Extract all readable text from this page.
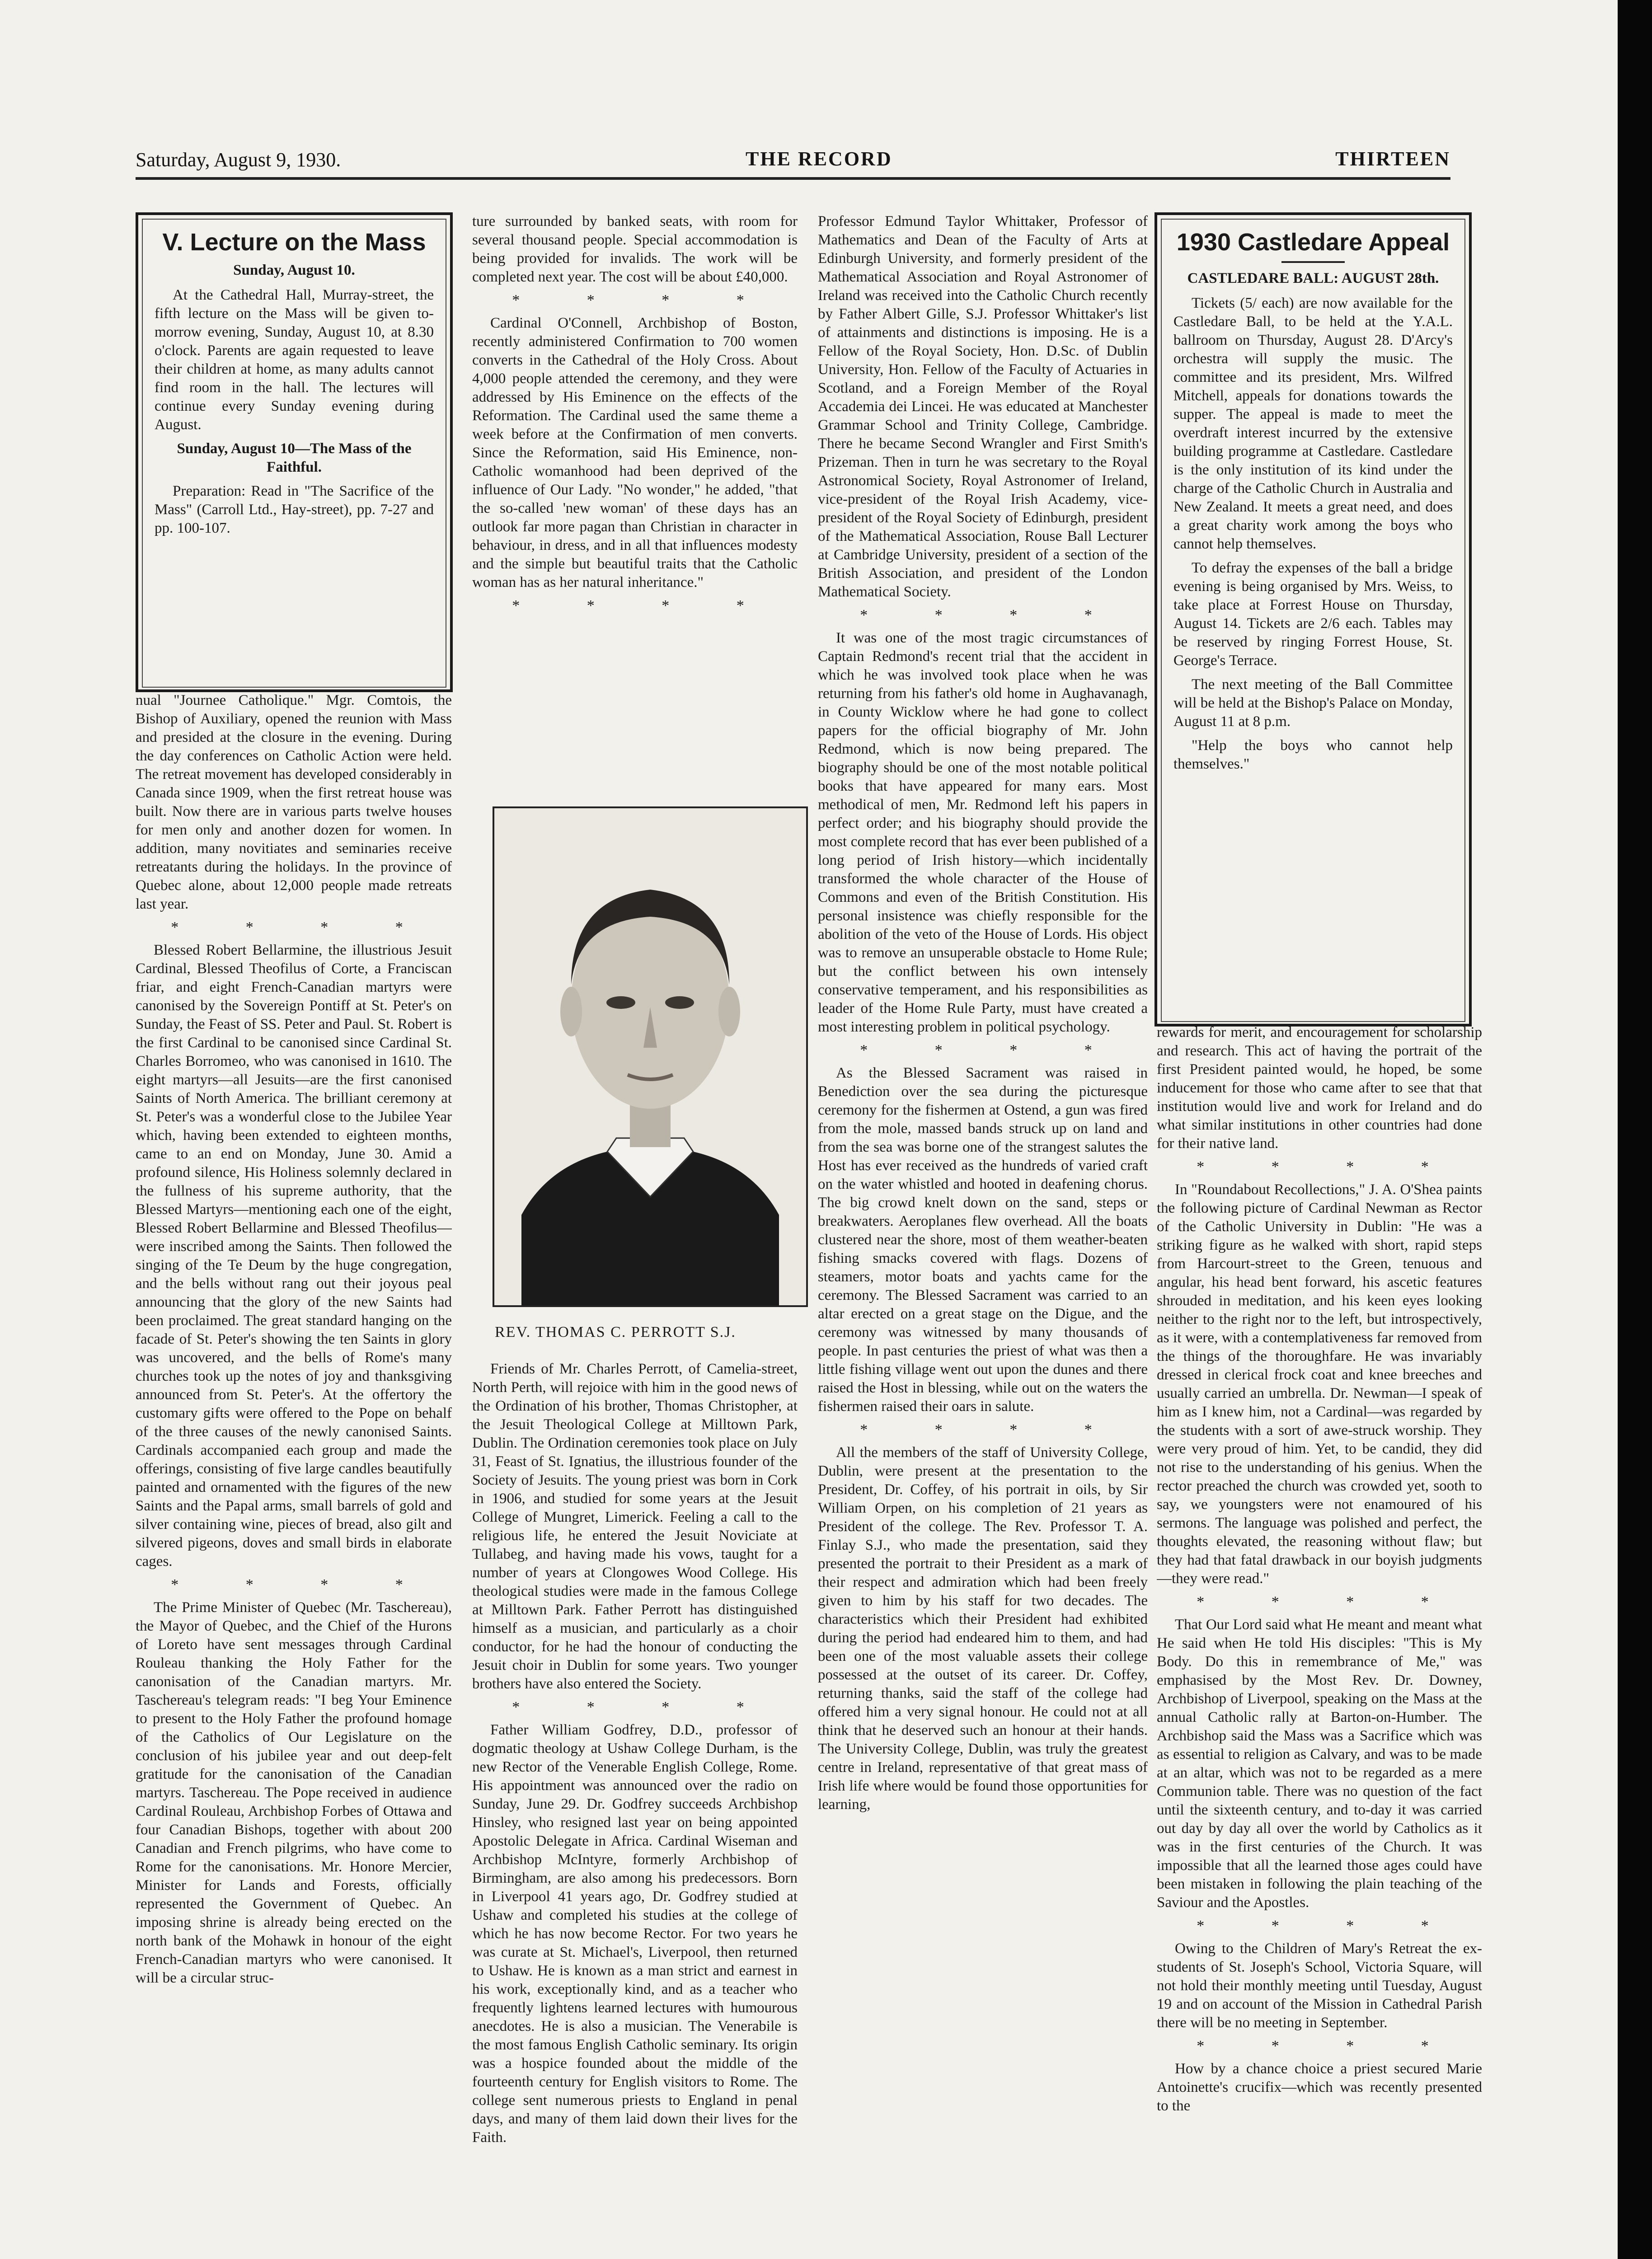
Saturday, August 9, 1930.	THE RECORD	THIRTEEN
V. Lecture on the Mass
Sunday, August 10.

At the Cathedral Hall, Murray-street, the fifth lecture on the Mass will be given to-morrow evening, Sunday, August 10, at 8.30 o'clock. Parents are again requested to leave their children at home, as many adults cannot find room in the hall. The lectures will continue every Sunday evening during August.

Sunday, August 10—The Mass of the Faithful.

Preparation: Read in "The Sacrifice of the Mass" (Carroll Ltd., Hay-street), pp. 7-27 and pp. 100-107.

nual "Journee Catholique." Mgr. Comtois, the Bishop of Auxiliary, opened the reunion with Mass and presided at the closure in the evening. During the day conferences on Catholic Action were held. The retreat movement has developed considerably in Canada since 1909, when the first retreat house was built. Now there are in various parts twelve houses for men only and another dozen for women. In addition, many novitiates and seminaries receive retreatants during the holidays. In the province of Quebec alone, about 12,000 people made retreats last year.

* * * *

Blessed Robert Bellarmine, the illustrious Jesuit Cardinal, Blessed Theofilus of Corte, a Franciscan friar, and eight French-Canadian martyrs were canonised by the Sovereign Pontiff at St. Peter's on Sunday, the Feast of SS. Peter and Paul. St. Robert is the first Cardinal to be canonised since Cardinal St. Charles Borromeo, who was canonised in 1610. The eight martyrs—all Jesuits—are the first canonised Saints of North America. The brilliant ceremony at St. Peter's was a wonderful close to the Jubilee Year which, having been extended to eighteen months, came to an end on Monday, June 30. Amid a profound silence, His Holiness solemnly declared in the fullness of his supreme authority, that the Blessed Martyrs—mentioning each one of the eight, Blessed Robert Bellarmine and Blessed Theofilus—were inscribed among the Saints. Then followed the singing of the Te Deum by the huge congregation, and the bells without rang out their joyous peal announcing that the glory of the new Saints had been proclaimed. The great standard hanging on the facade of St. Peter's showing the ten Saints in glory was uncovered, and the bells of Rome's many churches took up the notes of joy and thanksgiving announced from St. Peter's. At the offertory the customary gifts were offered to the Pope on behalf of the three causes of the newly canonised Saints. Cardinals accompanied each group and made the offerings, consisting of five large candles beautifully painted and ornamented with the figures of the new Saints and the Papal arms, small barrels of gold and silver containing wine, pieces of bread, also gilt and silvered pigeons, doves and small birds in elaborate cages.

* * * *

The Prime Minister of Quebec (Mr. Taschereau), the Mayor of Quebec, and the Chief of the Hurons of Loreto have sent messages through Cardinal Rouleau thanking the Holy Father for the canonisation of the Canadian martyrs. Mr. Taschereau's telegram reads: "I beg Your Eminence to present to the Holy Father the profound homage of the Catholics of Our Legislature on the conclusion of his jubilee year and out deep-felt gratitude for the canonisation of the Canadian martyrs. Taschereau. The Pope received in audience Cardinal Rouleau, Archbishop Forbes of Ottawa and four Canadian Bishops, together with about 200 Canadian and French pilgrims, who have come to Rome for the canonisations. Mr. Honore Mercier, Minister for Lands and Forests, officially represented the Government of Quebec. An imposing shrine is already being erected on the north bank of the Mohawk in honour of the eight French-Canadian martyrs who were canonised. It will be a circular struc-

ture surrounded by banked seats, with room for several thousand people. Special accommodation is being provided for invalids. The work will be completed next year. The cost will be about £40,000.

* * * *

Cardinal O'Connell, Archbishop of Boston, recently administered Confirmation to 700 women converts in the Cathedral of the Holy Cross. About 4,000 people attended the ceremony, and they were addressed by His Eminence on the effects of the Reformation. The Cardinal used the same theme a week before at the Confirmation of men converts. Since the Reformation, said His Eminence, non-Catholic womanhood had been deprived of the influence of Our Lady. "No wonder," he added, "that the so-called 'new woman' of these days has an outlook far more pagan than Christian in character in behaviour, in dress, and in all that influences modesty and the simple but beautiful traits that the Catholic woman has as her natural inheritance."

* * * *
REV. THOMAS C. PERROTT S.J.

Friends of Mr. Charles Perrott, of Camelia-street, North Perth, will rejoice with him in the good news of the Ordination of his brother, Thomas Christopher, at the Jesuit Theological College at Milltown Park, Dublin. The Ordination ceremonies took place on July 31, Feast of St. Ignatius, the illustrious founder of the Society of Jesuits. The young priest was born in Cork in 1906, and studied for some years at the Jesuit College of Mungret, Limerick. Feeling a call to the religious life, he entered the Jesuit Noviciate at Tullabeg, and having made his vows, taught for a number of years at Clongowes Wood College. His theological studies were made in the famous College at Milltown Park. Father Perrott has distinguished himself as a musician, and particularly as a choir conductor, for he had the honour of conducting the Jesuit choir in Dublin for some years. Two younger brothers have also entered the Society.

* * * *

Father William Godfrey, D.D., professor of dogmatic theology at Ushaw College Durham, is the new Rector of the Venerable English College, Rome. His appointment was announced over the radio on Sunday, June 29. Dr. Godfrey succeeds Archbishop Hinsley, who resigned last year on being appointed Apostolic Delegate in Africa. Cardinal Wiseman and Archbishop McIntyre, formerly Archbishop of Birmingham, are also among his predecessors. Born in Liverpool 41 years ago, Dr. Godfrey studied at Ushaw and completed his studies at the college of which he has now become Rector. For two years he was curate at St. Michael's, Liverpool, then returned to Ushaw. He is known as a man strict and earnest in his work, exceptionally kind, and as a teacher who frequently lightens learned lectures with humourous anecdotes. He is also a musician. The Venerabile is the most famous English Catholic seminary. Its origin was a hospice founded about the middle of the fourteenth century for English visitors to Rome. The college sent numerous priests to England in penal days, and many of them laid down their lives for the Faith.

Professor Edmund Taylor Whittaker, Professor of Mathematics and Dean of the Faculty of Arts at Edinburgh University, and formerly president of the Mathematical Association and Royal Astronomer of Ireland was received into the Catholic Church recently by Father Albert Gille, S.J. Professor Whittaker's list of attainments and distinctions is imposing. He is a Fellow of the Royal Society, Hon. D.Sc. of Dublin University, Hon. Fellow of the Faculty of Actuaries in Scotland, and a Foreign Member of the Royal Accademia dei Lincei. He was educated at Manchester Grammar School and Trinity College, Cambridge. There he became Second Wrangler and First Smith's Prizeman. Then in turn he was secretary to the Royal Astronomical Society, Royal Astronomer of Ireland, vice-president of the Royal Irish Academy, vice-president of the Royal Society of Edinburgh, president of the Mathematical Association, Rouse Ball Lecturer at Cambridge University, president of a section of the British Association, and president of the London Mathematical Society.

* * * *

It was one of the most tragic circumstances of Captain Redmond's recent trial that the accident in which he was involved took place when he was returning from his father's old home in Aughavanagh, in County Wicklow where he had gone to collect papers for the official biography of Mr. John Redmond, which is now being prepared. The biography should be one of the most notable political books that have appeared for many ears. Most methodical of men, Mr. Redmond left his papers in perfect order; and his biography should provide the most complete record that has ever been published of a long period of Irish history—which incidentally transformed the whole character of the House of Commons and even of the British Constitution. His personal insistence was chiefly responsible for the abolition of the veto of the House of Lords. His object was to remove an unsuperable obstacle to Home Rule; but the conflict between his own intensely conservative temperament, and his responsibilities as leader of the Home Rule Party, must have created a most interesting problem in political psychology.

* * * *

As the Blessed Sacrament was raised in Benediction over the sea during the picturesque ceremony for the fishermen at Ostend, a gun was fired from the mole, massed bands struck up on land and from the sea was borne one of the strangest salutes the Host has ever received as the hundreds of varied craft on the water whistled and hooted in deafening chorus. The big crowd knelt down on the sand, steps or breakwaters. Aeroplanes flew overhead. All the boats clustered near the shore, most of them weather-beaten fishing smacks covered with flags. Dozens of steamers, motor boats and yachts came for the ceremony. The Blessed Sacrament was carried to an altar erected on a great stage on the Digue, and the ceremony was witnessed by many thousands of people. In past centuries the priest of what was then a little fishing village went out upon the dunes and there raised the Host in blessing, while out on the waters the fishermen raised their oars in salute.

* * * *

All the members of the staff of University College, Dublin, were present at the presentation to the President, Dr. Coffey, of his portrait in oils, by Sir William Orpen, on his completion of 21 years as President of the college. The Rev. Professor T. A. Finlay S.J., who made the presentation, said they presented the portrait to their President as a mark of their respect and admiration which had been freely given to him by his staff for two decades. The characteristics which their President had exhibited during the period had endeared him to them, and had been one of the most valuable assets their college possessed at the outset of its career. Dr. Coffey, returning thanks, said the staff of the college had offered him a very signal honour. He could not at all think that he deserved such an honour at their hands. The University College, Dublin, was truly the greatest centre in Ireland, representative of that great mass of Irish life where would be found those opportunities for learning,

1930 Castledare Appeal
CASTLEDARE BALL: AUGUST 28th.

Tickets (5/ each) are now available for the Castledare Ball, to be held at the Y.A.L. ballroom on Thursday, August 28. D'Arcy's orchestra will supply the music. The committee and its president, Mrs. Wilfred Mitchell, appeals for donations towards the supper. The appeal is made to meet the overdraft interest incurred by the extensive building programme at Castledare. Castledare is the only institution of its kind under the charge of the Catholic Church in Australia and New Zealand. It meets a great need, and does a great charity work among the boys who cannot help themselves.

To defray the expenses of the ball a bridge evening is being organised by Mrs. Weiss, to take place at Forrest House on Thursday, August 14. Tickets are 2/6 each. Tables may be reserved by ringing Forrest House, St. George's Terrace.

The next meeting of the Ball Committee will be held at the Bishop's Palace on Monday, August 11 at 8 p.m.

"Help the boys who cannot help themselves."

rewards for merit, and encouragement for scholarship and research. This act of having the portrait of the first President painted would, he hoped, be some inducement for those who came after to see that that institution would live and work for Ireland and do what similar institutions in other countries had done for their native land.

* * * *

In "Roundabout Recollections," J. A. O'Shea paints the following picture of Cardinal Newman as Rector of the Catholic University in Dublin: "He was a striking figure as he walked with short, rapid steps from Harcourt-street to the Green, tenuous and angular, his head bent forward, his ascetic features shrouded in meditation, and his keen eyes looking neither to the right nor to the left, but introspectively, as it were, with a contemplativeness far removed from the things of the thoroughfare. He was invariably dressed in clerical frock coat and knee breeches and usually carried an umbrella. Dr. Newman—I speak of him as I knew him, not a Cardinal—was regarded by the students with a sort of awe-struck worship. They were very proud of him. Yet, to be candid, they did not rise to the understanding of his genius. When the rector preached the church was crowded yet, sooth to say, we youngsters were not enamoured of his sermons. The language was polished and perfect, the thoughts elevated, the reasoning without flaw; but they had that fatal drawback in our boyish judgments—they were read."

* * * *

That Our Lord said what He meant and meant what He said when He told His disciples: "This is My Body. Do this in remembrance of Me," was emphasised by the Most Rev. Dr. Downey, Archbishop of Liverpool, speaking on the Mass at the annual Catholic rally at Barton-on-Humber. The Archbishop said the Mass was a Sacrifice which was as essential to religion as Calvary, and was to be made at an altar, which was not to be regarded as a mere Communion table. There was no question of the fact until the sixteenth century, and to-day it was carried out day by day all over the world by Catholics as it was in the first centuries of the Church. It was impossible that all the learned those ages could have been mistaken in following the plain teaching of the Saviour and the Apostles.

* * * *

Owing to the Children of Mary's Retreat the ex-students of St. Joseph's School, Victoria Square, will not hold their monthly meeting until Tuesday, August 19 and on account of the Mission in Cathedral Parish there will be no meeting in September.

* * * *

How by a chance choice a priest secured Marie Antoinette's crucifix—which was recently presented to the
